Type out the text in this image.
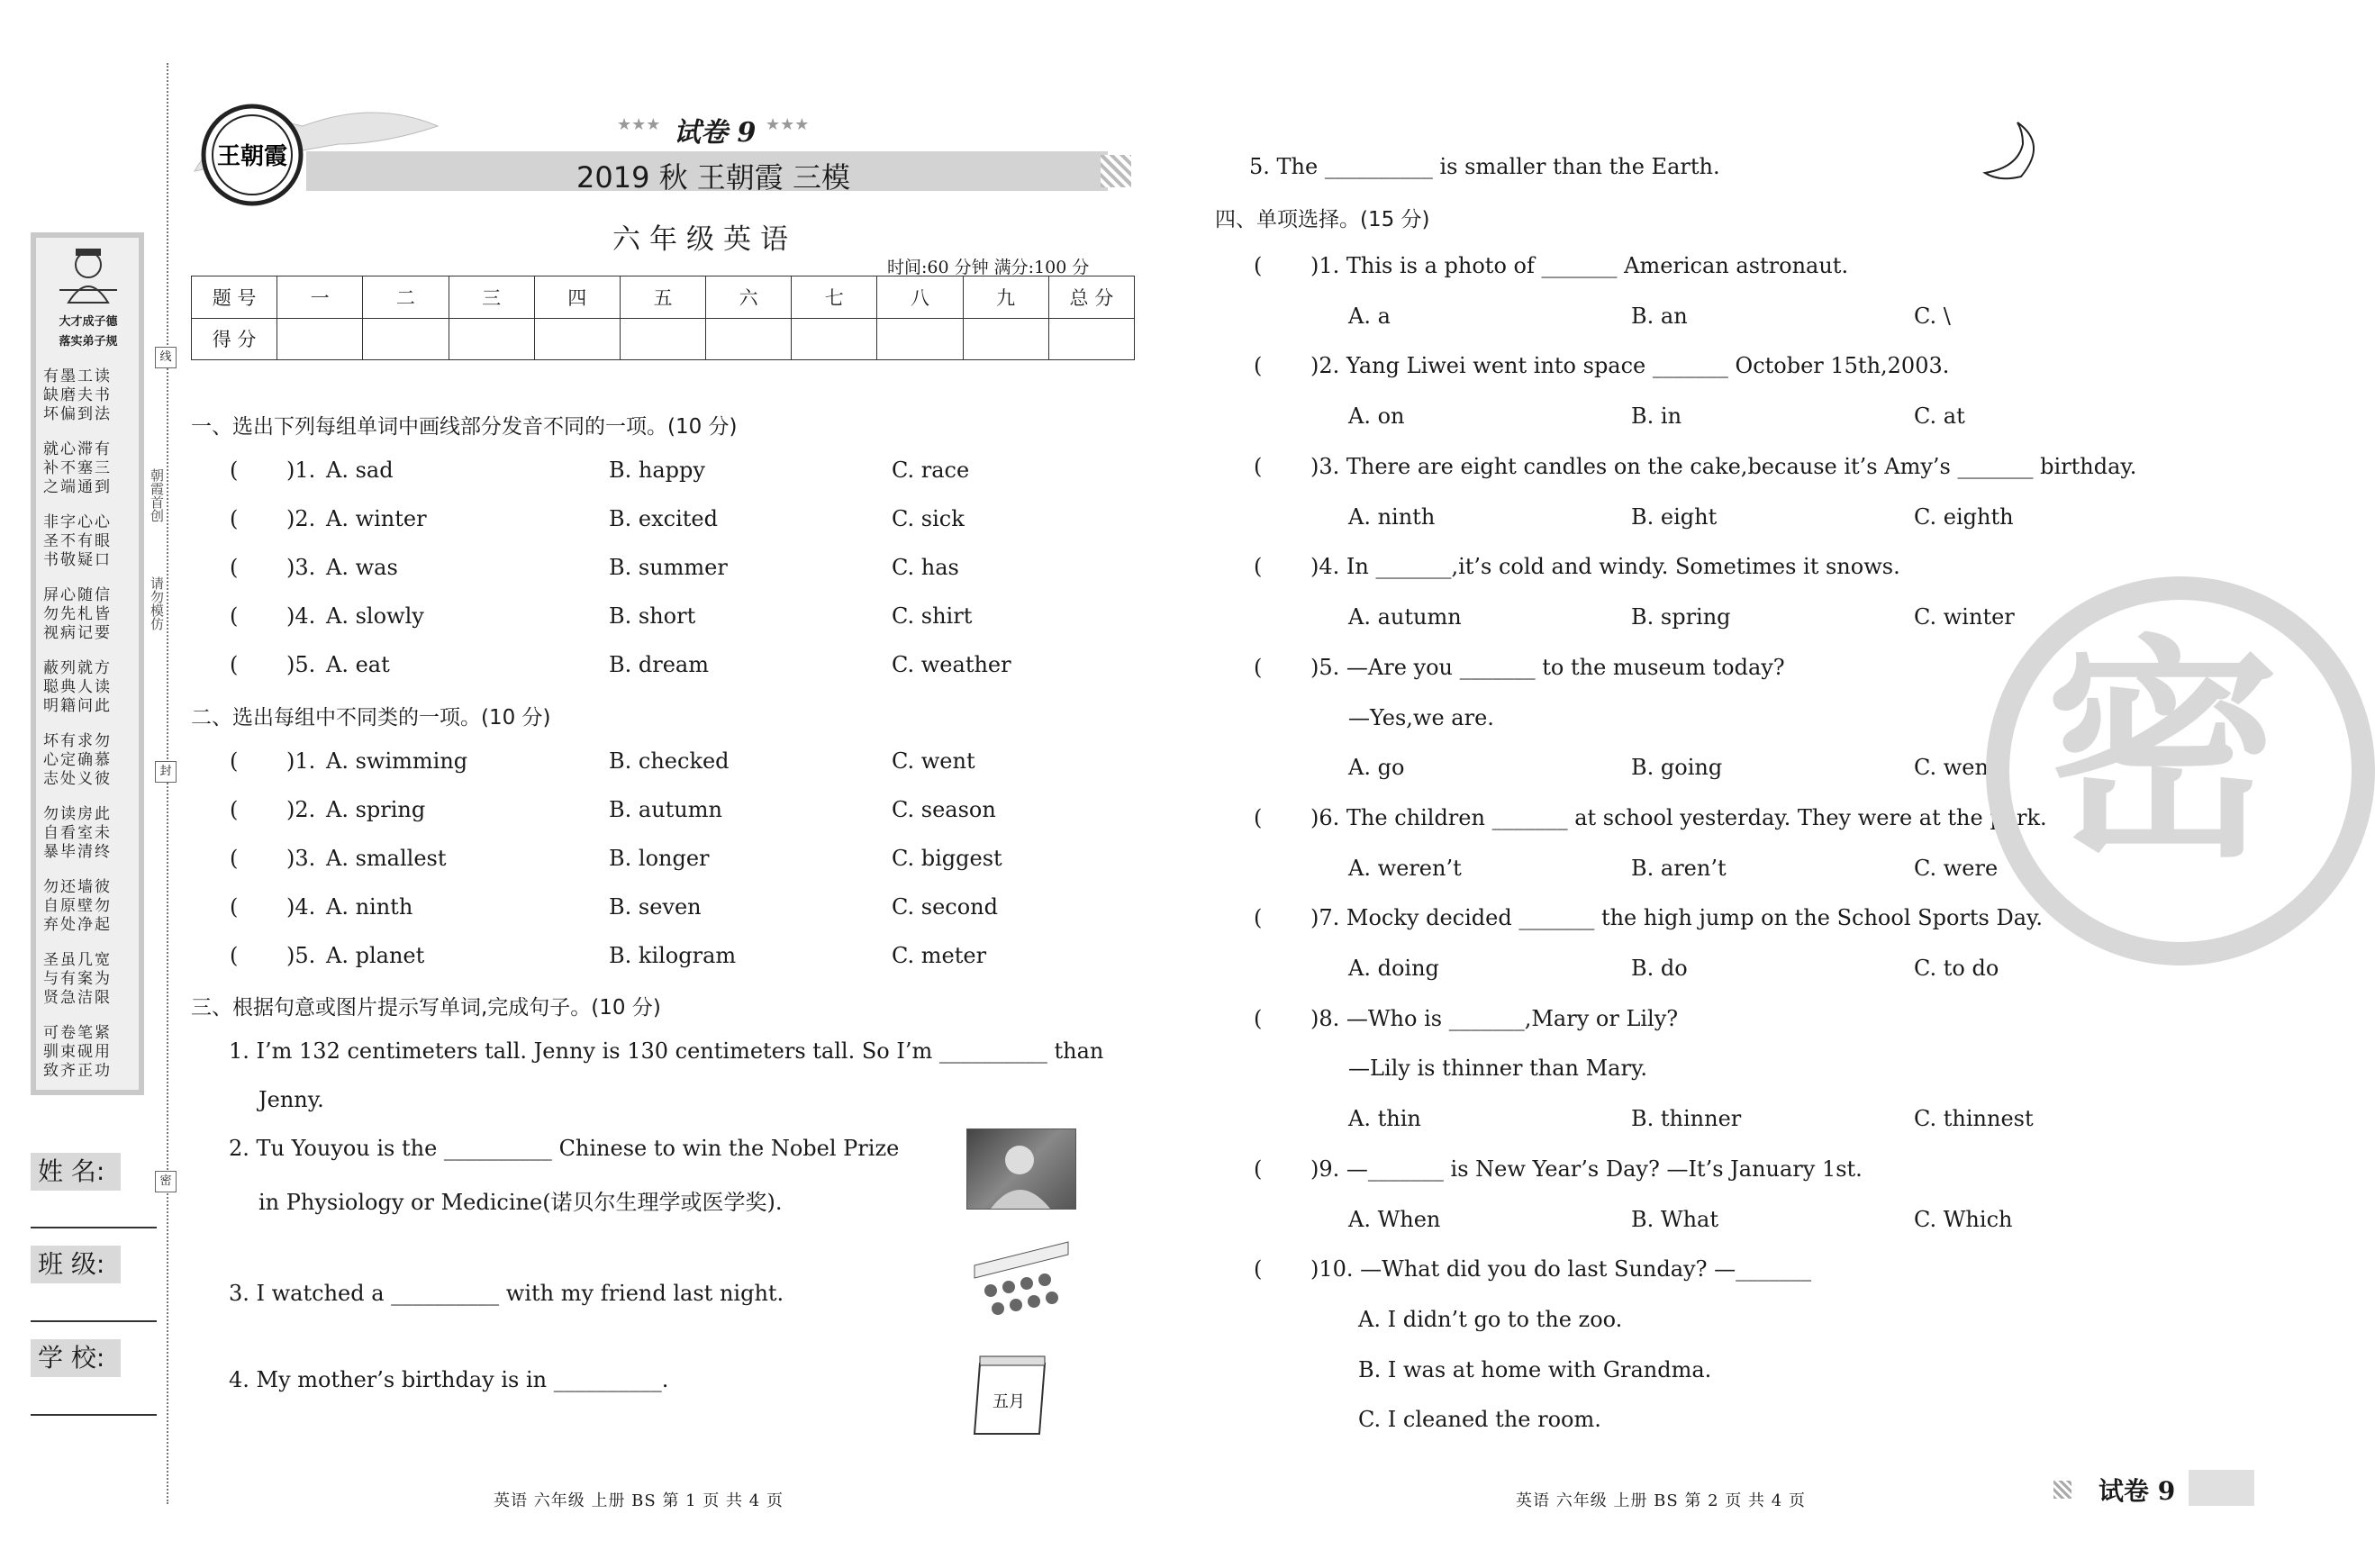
大才成子德
落实弟子规
有墨工读
缺磨夫书
坏偏到法
就心滞有
补不塞三
之端通到
非字心心
圣不有眼
书敬疑口
屏心随信
勿先札皆
视病记要
蔽列就方
聪典人读
明籍问此
坏有求勿
心定确慕
志处义彼
勿读房此
自看室未
暴毕清终
勿还墙彼
自原壁勿
弃处净起
圣虽几宽
与有案为
贤急洁限
可卷笔紧
驯束砚用
致齐正功
线
朝霞首创
请勿模仿
封
密
姓 名:
班 级:
学 校:
王朝霞
★★★	★★★
试卷 9
2019 秋 王朝霞 三模
六年级英语
时间:60 分钟 满分:100 分
题 号	一	二	三	四	五	六	七	八	九	总 分
得 分										
一、选出下列每组单词中画线部分发音不同的一项。(10 分)
( )1. A. sad	B. happy	C. race
( )2. A. winter	B. excited	C. sick
( )3. A. was	B. summer	C. has
( )4. A. slowly	B. short	C. shirt
( )5. A. eat	B. dream	C. weather
二、选出每组中不同类的一项。(10 分)
( )1. A. swimming	B. checked	C. went
( )2. A. spring	B. autumn	C. season
( )3. A. smallest	B. longer	C. biggest
( )4. A. ninth	B. seven	C. second
( )5. A. planet	B. kilogram	C. meter
三、根据句意或图片提示写单词,完成句子。(10 分)
1. I’m 132 centimeters tall. Jenny is 130 centimeters tall. So I’m __________ than
Jenny.
2. Tu Youyou is the __________ Chinese to win the Nobel Prize
in Physiology or Medicine(诺贝尔生理学或医学奖).
3. I watched a __________ with my friend last night.
4. My mother’s birthday is in __________.
五月
5. The __________ is smaller than the Earth.
四、单项选择。(15 分)
( )1. This is a photo of _______ American astronaut.
A. a	B. an	C. \
( )2. Yang Liwei went into space _______ October 15th,2003.
A. on	B. in	C. at
( )3. There are eight candles on the cake,because it’s Amy’s _______ birthday.
A. ninth	B. eight	C. eighth
( )4. In _______,it’s cold and windy. Sometimes it snows.
A. autumn	B. spring	C. winter
( )5. —Are you _______ to the museum today?
—Yes,we are.
A. go	B. going	C. went
( )6. The children _______ at school yesterday. They were at the park.
A. weren’t	B. aren’t	C. were
( )7. Mocky decided _______ the high jump on the School Sports Day.
A. doing	B. do	C. to do
( )8. —Who is _______,Mary or Lily?
—Lily is thinner than Mary.
A. thin	B. thinner	C. thinnest
( )9. —_______ is New Year’s Day? —It’s January 1st.
A. When	B. What	C. Which
( )10. —What did you do last Sunday? —_______
A. I didn’t go to the zoo.
B. I was at home with Grandma.
C. I cleaned the room.
密
英语 六年级 上册 BS 第 1 页 共 4 页	英语 六年级 上册 BS 第 2 页 共 4 页	试卷 9
